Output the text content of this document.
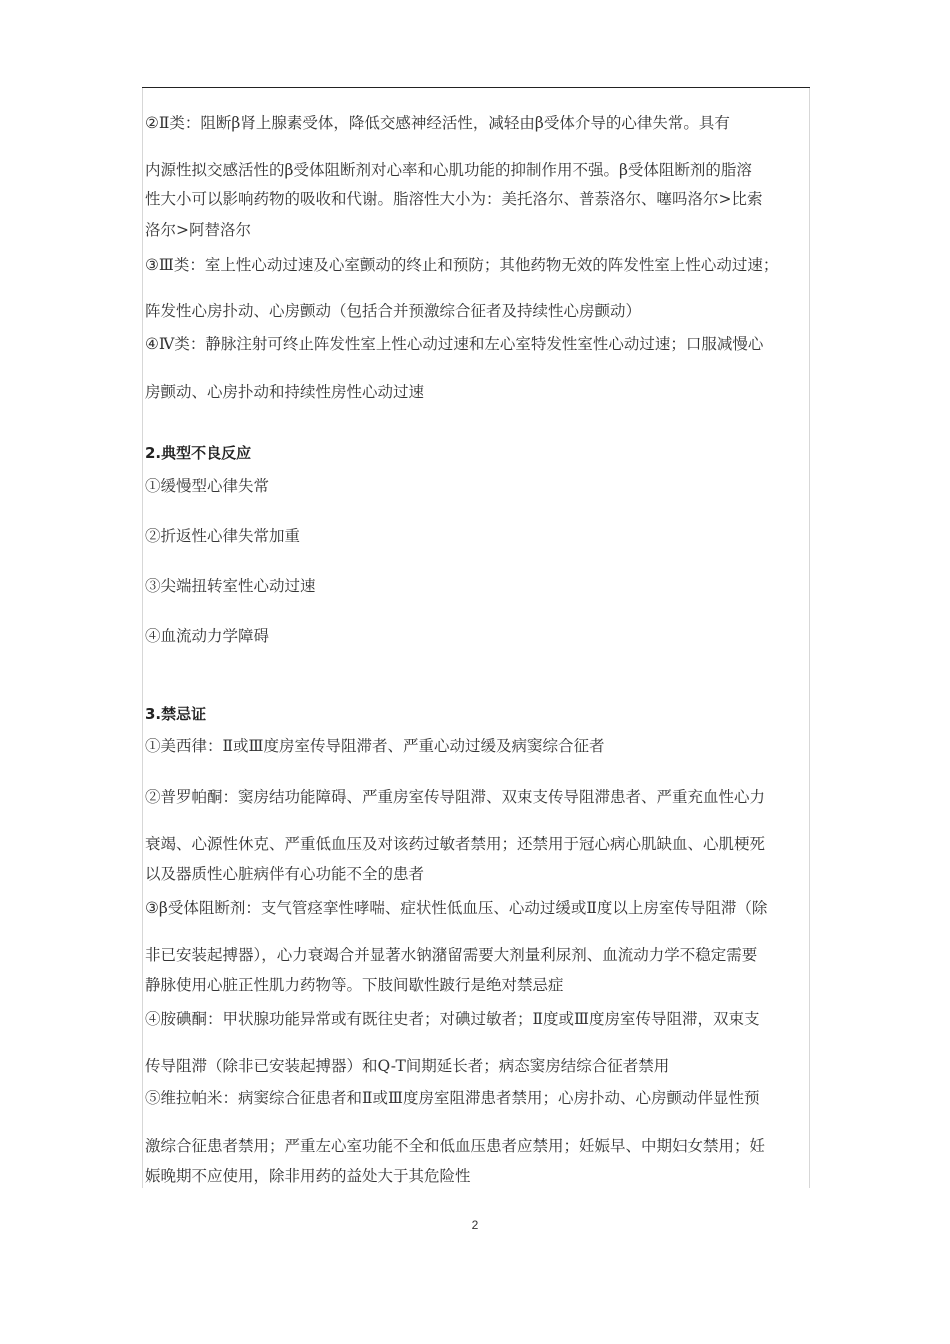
②Ⅱ类：阻断β肾上腺素受体，降低交感神经活性，减轻由β受体介导的心律失常。具有
内源性拟交感活性的β受体阻断剂对心率和心肌功能的抑制作用不强。β受体阻断剂的脂溶
性大小可以影响药物的吸收和代谢。脂溶性大小为：美托洛尔、普萘洛尔、噻吗洛尔>比索
洛尔>阿替洛尔
③Ⅲ类：室上性心动过速及心室颤动的终止和预防；其他药物无效的阵发性室上性心动过速；
阵发性心房扑动、心房颤动（包括合并预激综合征者及持续性心房颤动）
④Ⅳ类：静脉注射可终止阵发性室上性心动过速和左心室特发性室性心动过速；口服减慢心
房颤动、心房扑动和持续性房性心动过速
2.典型不良反应
①缓慢型心律失常
②折返性心律失常加重
③尖端扭转室性心动过速
④血流动力学障碍
3.禁忌证
①美西律：Ⅱ或Ⅲ度房室传导阻滞者、严重心动过缓及病窦综合征者
②普罗帕酮：窦房结功能障碍、严重房室传导阻滞、双束支传导阻滞患者、严重充血性心力
衰竭、心源性休克、严重低血压及对该药过敏者禁用；还禁用于冠心病心肌缺血、心肌梗死
以及器质性心脏病伴有心功能不全的患者
③β受体阻断剂：支气管痉挛性哮喘、症状性低血压、心动过缓或Ⅱ度以上房室传导阻滞（除
非已安装起搏器），心力衰竭合并显著水钠潴留需要大剂量利尿剂、血流动力学不稳定需要
静脉使用心脏正性肌力药物等。下肢间歇性跛行是绝对禁忌症
④胺碘酮：甲状腺功能异常或有既往史者；对碘过敏者；Ⅱ度或Ⅲ度房室传导阻滞，双束支
传导阻滞（除非已安装起搏器）和Q-T间期延长者；病态窦房结综合征者禁用
⑤维拉帕米：病窦综合征患者和Ⅱ或Ⅲ度房室阻滞患者禁用；心房扑动、心房颤动伴显性预
激综合征患者禁用；严重左心室功能不全和低血压患者应禁用；妊娠早、中期妇女禁用；妊
娠晚期不应使用，除非用药的益处大于其危险性
2
